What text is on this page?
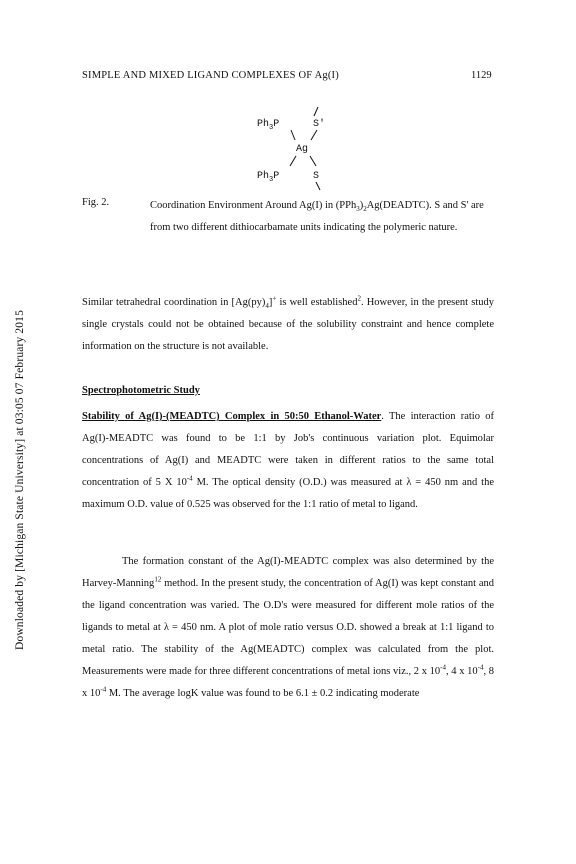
SIMPLE AND MIXED LIGAND COMPLEXES OF Ag(I)	1129
Downloaded by [Michigan State University] at 03:05 07 February 2015
$Ph_3P$	S'
Ag
$Ph_3P$	S
Fig. 2.	Coordination Environment Around Ag(I) in $(PPh_3)_2Ag(DEADTC)$. S and S' are from two different dithiocarbamate units indicating the polymeric nature.
Similar tetrahedral coordination in $[Ag(py)_4]^+$ is well established$^2$. However, in the present study single crystals could not be obtained because of the solubility constraint and hence complete information on the structure is not available.
Spectrophotometric Study
Stability of Ag(I)-(MEADTC) Complex in 50:50 Ethanol-Water. The interaction ratio of Ag(I)-MEADTC was found to be 1:1 by Job's continuous variation plot. Equimolar concentrations of Ag(I) and MEADTC were taken in different ratios to the same total concentration of 5 X $10^{-4}$ M. The optical density (O.D.) was measured at λ = 450 nm and the maximum O.D. value of 0.525 was observed for the 1:1 ratio of metal to ligand.
The formation constant of the Ag(I)-MEADTC complex was also determined by the Harvey-Manning$^{12}$ method. In the present study, the concentration of Ag(I) was kept constant and the ligand concentration was varied. The O.D's were measured for different mole ratios of the ligands to metal at λ = 450 nm. A plot of mole ratio versus O.D. showed a break at 1:1 ligand to metal ratio. The stability of the Ag(MEADTC) complex was calculated from the plot. Measurements were made for three different concentrations of metal ions viz., 2 x $10^{-4}$, 4 x $10^{-4}$, 8 x $10^{-4}$ M. The average logK value was found to be 6.1 ± 0.2 indicating moderate
